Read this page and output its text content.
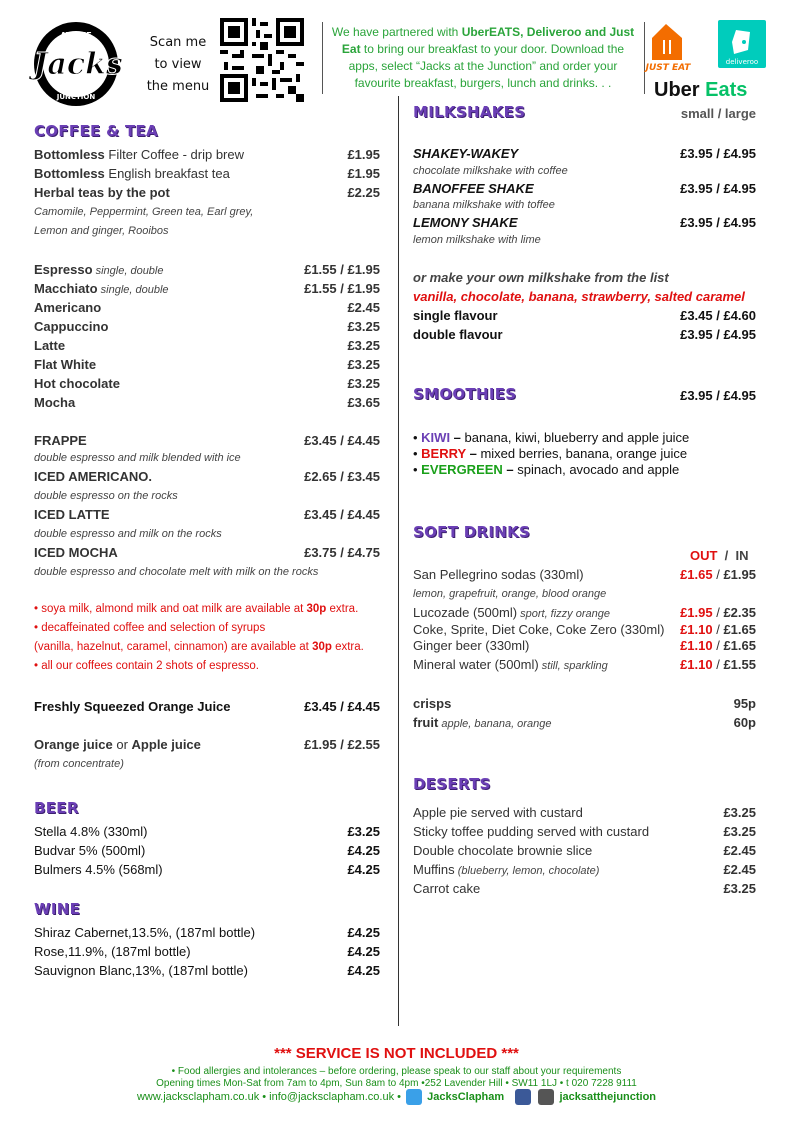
AT THE
Jacks
JUNCTION
Scan me
to view
the menu
We have partnered with UberEATS, Deliveroo and Just Eat to bring our breakfast to your door. Download the apps, select “Jacks at the Junction” and order your favourite breakfast, burgers, lunch and drinks. . .
JUST EAT
deliveroo
Uber Eats
COFFEE & TEA
Bottomless Filter Coffee - drip brew	£1.95
Bottomless English breakfast tea	£1.95
Herbal teas by the pot	£2.25
Camomile, Peppermint, Green tea, Earl grey,
Lemon and ginger, Rooibos
Espresso single, double	£1.55 / £1.95
Macchiato single, double	£1.55 / £1.95
Americano	£2.45
Cappuccino	£3.25
Latte	£3.25
Flat White	£3.25
Hot chocolate	£3.25
Mocha	£3.65
FRAPPE	£3.45 / £4.45
double espresso and milk blended with ice
ICED AMERICANO.	£2.65 / £3.45
double espresso on the rocks
ICED LATTE	£3.45 / £4.45
double espresso and milk on the rocks
ICED MOCHA	£3.75 / £4.75
double espresso and chocolate melt with milk on the rocks
• soya milk, almond milk and oat milk are available at 30p extra.
• decaffeinated coffee and selection of syrups
(vanilla, hazelnut, caramel, cinnamon) are available at 30p extra.
• all our coffees contain 2 shots of espresso.
Freshly Squeezed Orange Juice	£3.45 / £4.45
Orange juice or Apple juice	£1.95 / £2.55
(from concentrate)
BEER
Stella 4.8% (330ml)	£3.25
Budvar 5% (500ml)	£4.25
Bulmers 4.5% (568ml)	£4.25
WINE
Shiraz Cabernet,13.5%, (187ml bottle)	£4.25
Rose,11.9%, (187ml bottle)	£4.25
Sauvignon Blanc,13%, (187ml bottle)	£4.25
MILKSHAKES	small / large
SHAKEY-WAKEY	£3.95 / £4.95
chocolate milkshake with coffee
BANOFFEE SHAKE	£3.95 / £4.95
banana milkshake with toffee
LEMONY SHAKE	£3.95 / £4.95
lemon milkshake with lime
or make your own milkshake from the list
vanilla, chocolate, banana, strawberry, salted caramel
single flavour	£3.45 / £4.60
double flavour	£3.95 / £4.95
SMOOTHIES	£3.95 / £4.95
• KIWI – banana, kiwi, blueberry and apple juice
• BERRY – mixed berries, banana, orange juice
• EVERGREEN – spinach, avocado and apple
SOFT DRINKS
OUT  /  IN
San Pellegrino sodas (330ml)	£1.65 / £1.95
lemon, grapefruit, orange, blood orange
Lucozade (500ml) sport, fizzy orange	£1.95 / £2.35
Coke, Sprite, Diet Coke, Coke Zero (330ml) £1.10 / £1.65
Ginger beer (330ml)	£1.10 / £1.65
Mineral water (500ml) still, sparkling	£1.10 / £1.55
crisps	95p
fruit apple, banana, orange	60p
DESERTS
Apple pie served with custard	£3.25
Sticky toffee pudding served with custard	£3.25
Double chocolate brownie slice	£2.45
Muffins (blueberry, lemon, chocolate)	£2.45
Carrot cake	£3.25
*** SERVICE IS NOT INCLUDED ***
• Food allergies and intolerances – before ordering, please speak to our staff about your requirements
Opening times Mon-Sat from 7am to 4pm, Sun 8am to 4pm •252 Lavender Hill • SW11 1LJ • t 020 7228 9111
www.jacksclapham.co.uk • info@jacksclapham.co.uk •  JacksClapham	jacksatthejunction
